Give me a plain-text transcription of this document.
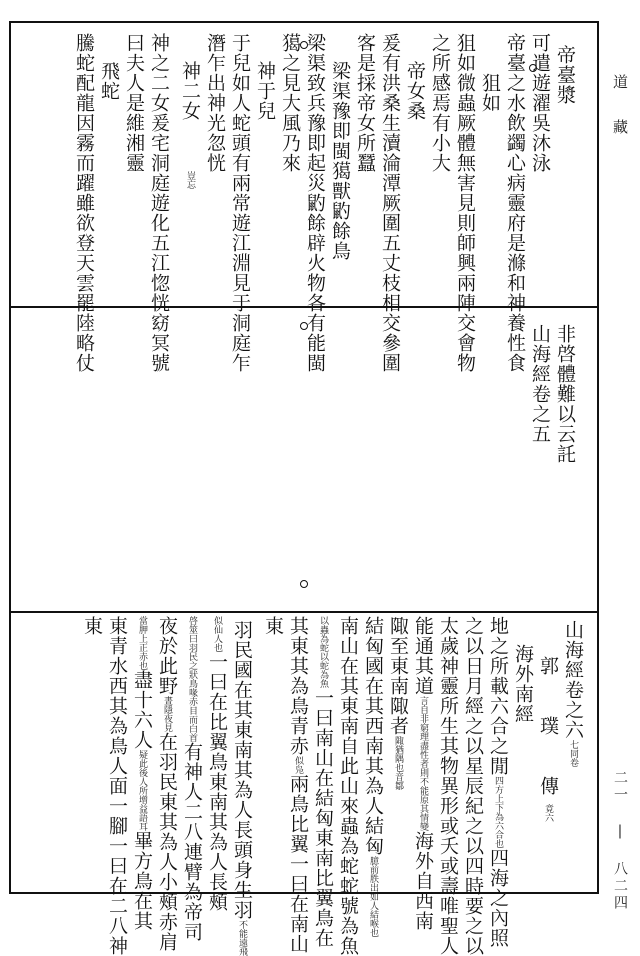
道 藏
二一 | 八二四
帝臺漿
可遣遊濯吳沐泳
帝臺之水飲蠲心病靈府是滌和神養性食
狙如
狙如微蟲厥體無害見則師興兩陣交會物
之所感焉有小大
帝女桑
爰有洪桑生瀆淪潭厥圍五丈枝相交參圍
客是採帝女所蠶
梁渠豫即閩獦獸䶂餘鳥
梁渠致兵豫即起災䶂餘辟火物各有能閩
獦之見大風乃來
神于兒
于兒如人蛇頭有兩常遊江淵見于洞庭乍
潛乍出神光忽恍
神二女豈忘
神之二女爰宅洞庭遊化五江惚恍窈冥號
曰夫人是維湘靈
飛蛇
騰蛇配龍因霧而躍雖欲登天雲罷陸略仗
非啓體難以云託
山海經卷之五
山海經卷之六七同卷
郭　　璞　　傳竟六
海外南經
地之所載六合之閒四方上下為六合也四海之內照
之以日月經之以星辰紀之以四時要之以
太歲神靈所生其物異形或夭或壽唯聖人
能通其道言自非窮理盡性者則不能原其情變海外自西南
陬至東南陬者陬猶隅也音鄒
結匈國在其西南其為人結匈臆前胅出如人結喉也
南山在其東南自此山來蟲為蛇蛇號為魚
以蟲為蛇以蛇為魚一曰南山在結匈東南比翼鳥在
其東其為鳥青赤似凫兩鳥比翼一曰在南山
東
羽民國在其東南其為人長頭身生羽不能遠飛
似仙人也一曰在比翼鳥東南其為人長頰
啓筮曰羽民之狀鳥喙赤目而白首有神人二八連臂為帝司
夜於此野晝隱夜見在羽民東其為人小頰赤肩
當胛上正赤也盡十六人疑此後人所增益語耳畢方鳥在其
東青水西其為鳥人面一腳一曰在二八神
東
